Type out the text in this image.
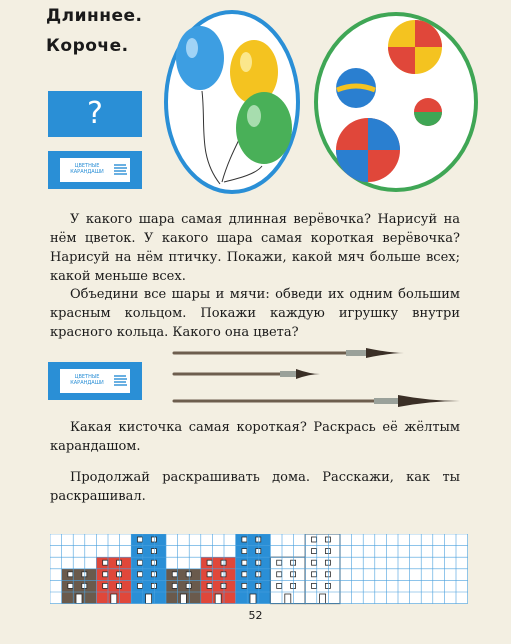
Длиннее.
Короче.
?
ЦВЕТНЫЕ
КАРАНДАШИ

У какого шара самая длинная верёвочка? Нарисуй на нём цветок. У какого шара самая короткая верёвочка? Нарисуй на нём птичку. Покажи, какой мяч больше всех; какой меньше всех.

Объедини все шары и мячи: обведи их одним большим красным кольцом. Покажи каждую игрушку внутри красного кольца. Какого она цвета?

ЦВЕТНЫЕ
КАРАНДАШИ

Какая кисточка самая короткая? Раскрась её жёлтым карандашом.

Продолжай раскрашивать дома. Расскажи, как ты раскрашивал.

52
